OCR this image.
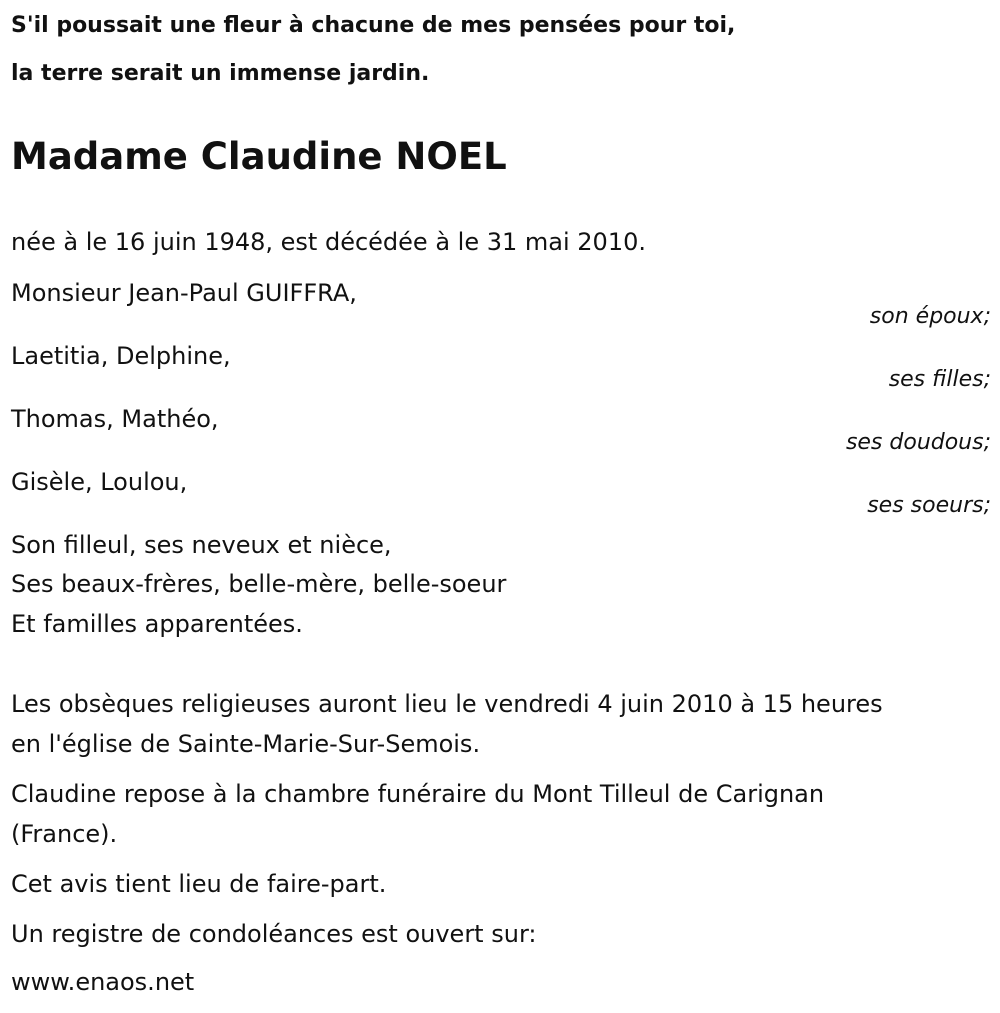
S'il poussait une fleur à chacune de mes pensées pour toi,
la terre serait un immense jardin.
Madame Claudine NOEL
née à le 16 juin 1948, est décédée à le 31 mai 2010.
Monsieur Jean-Paul GUIFFRA,
son époux;
Laetitia, Delphine,
ses filles;
Thomas, Mathéo,
ses doudous;
Gisèle, Loulou,
ses soeurs;
Son filleul, ses neveux et nièce,
Ses beaux-frères, belle-mère, belle-soeur
Et familles apparentées.
Les obsèques religieuses auront lieu le vendredi 4 juin 2010 à 15 heures
en l'église de Sainte-Marie-Sur-Semois.
Claudine repose à la chambre funéraire du Mont Tilleul de Carignan
(France).
Cet avis tient lieu de faire-part.
Un registre de condoléances est ouvert sur:
www.enaos.net
